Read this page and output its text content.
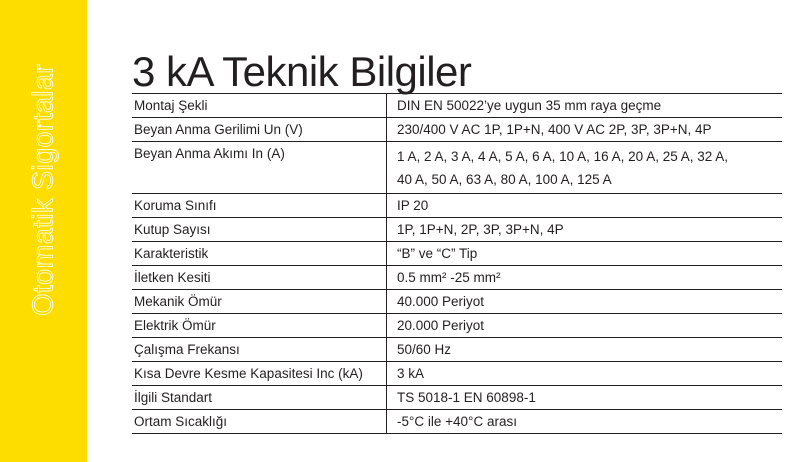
Otomatik Sigortalar 3 kA Teknik Bilgiler
Montaj Şekli	DIN EN 50022’ye uygun 35 mm raya geçme
Beyan Anma Gerilimi Un (V)	230/400 V AC 1P, 1P+N, 400 V AC 2P, 3P, 3P+N, 4P
Beyan Anma Akımı In (A)	1 A, 2 A, 3 A, 4 A, 5 A, 6 A, 10 A, 16 A, 20 A, 25 A, 32 A,
40 A, 50 A, 63 A, 80 A, 100 A, 125 A

Koruma Sınıfı	IP 20
Kutup Sayısı	1P, 1P+N, 2P, 3P, 3P+N, 4P
Karakteristik	“B” ve “C” Tip
İletken Kesiti	0.5 mm² -25 mm²
Mekanik Ömür	40.000 Periyot
Elektrik Ömür	20.000 Periyot
Çalışma Frekansı	50/60 Hz
Kısa Devre Kesme Kapasitesi Inc (kA)	3 kA
İlgili Standart	TS 5018-1 EN 60898-1
Ortam Sıcaklığı	-5°C ile +40°C arası
